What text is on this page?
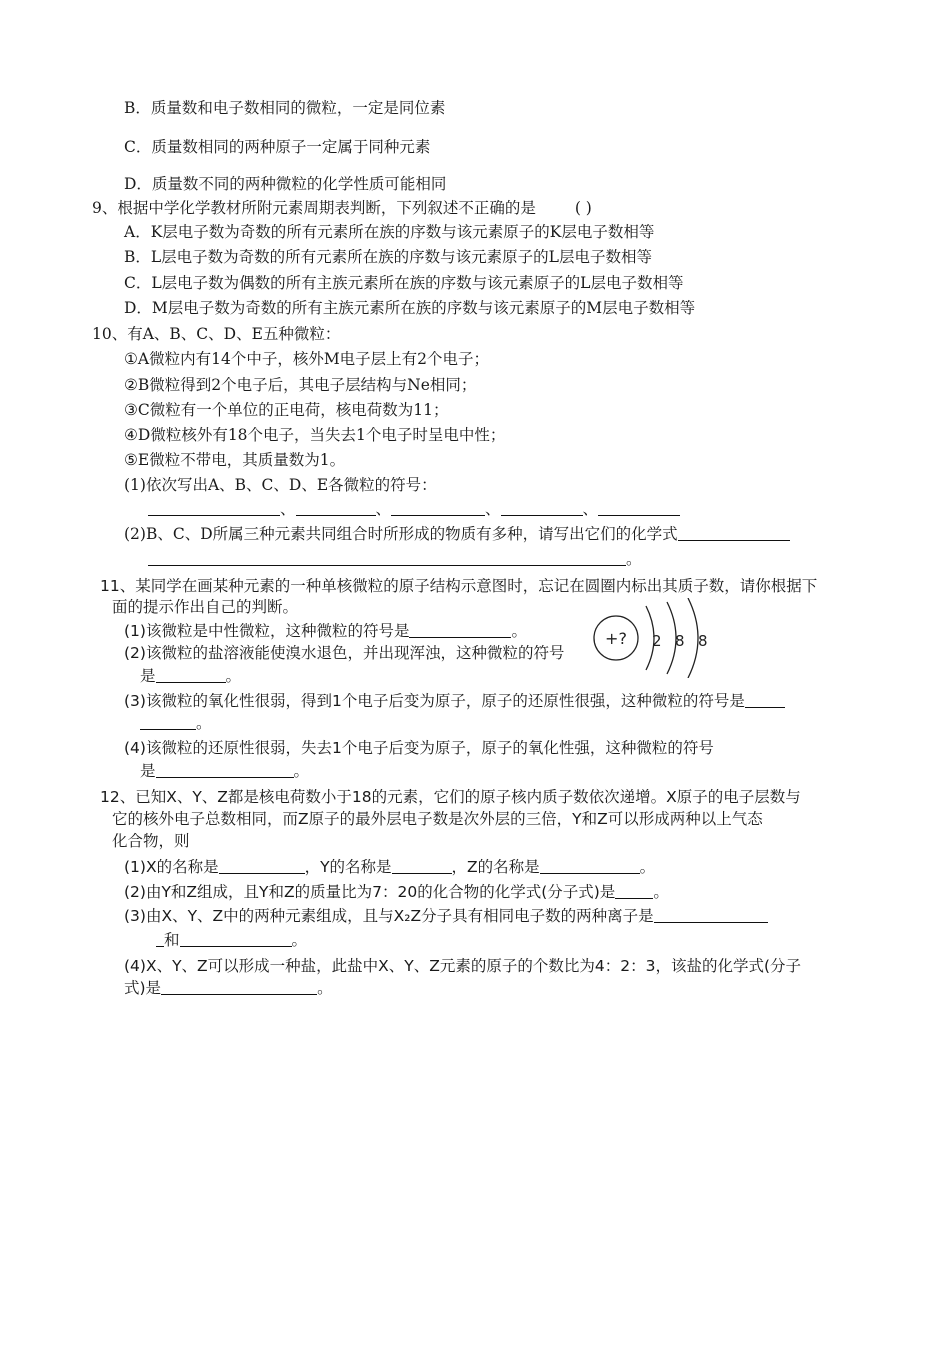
B．质量数和电子数相同的微粒，一定是同位素
C．质量数相同的两种原子一定属于同种元素
D．质量数不同的两种微粒的化学性质可能相同
9、根据中学化学教材所附元素周期表判断，下列叙述不正确的是	( )
A．K层电子数为奇数的所有元素所在族的序数与该元素原子的K层电子数相等
B．L层电子数为奇数的所有元素所在族的序数与该元素原子的L层电子数相等
C．L层电子数为偶数的所有主族元素所在族的序数与该元素原子的L层电子数相等
D．M层电子数为奇数的所有主族元素所在族的序数与该元素原子的M层电子数相等
10、有A、B、C、D、E五种微粒：
①A微粒内有14个中子，核外M电子层上有2个电子；
②B微粒得到2个电子后，其电子层结构与Ne相同；
③C微粒有一个单位的正电荷，核电荷数为11；
④D微粒核外有18个电子，当失去1个电子时呈电中性；
⑤E微粒不带电，其质量数为1。
(1)依次写出A、B、C、D、E各微粒的符号：
、	、	、	、
(2)B、C、D所属三种元素共同组合时所形成的物质有多种，请写出它们的化学式
。
11、某同学在画某种元素的一种单核微粒的原子结构示意图时，忘记在圆圈内标出其质子数，请你根据下
面的提示作出自己的判断。
(1)该微粒是中性微粒，这种微粒的符号是	。
(2)该微粒的盐溶液能使溴水退色，并出现浑浊，这种微粒的符号
是	。
(3)该微粒的氧化性很弱，得到1个电子后变为原子，原子的还原性很强，这种微粒的符号是
。
(4)该微粒的还原性很弱，失去1个电子后变为原子，原子的氧化性强，这种微粒的符号
是	。
+? 2 8 8
12、已知X、Y、Z都是核电荷数小于18的元素，它们的原子核内质子数依次递增。X原子的电子层数与
它的核外电子总数相同，而Z原子的最外层电子数是次外层的三倍，Y和Z可以形成两种以上气态
化合物，则
(1)X的名称是	，Y的名称是	，Z的名称是	。
(2)由Y和Z组成，且Y和Z的质量比为7：20的化合物的化学式(分子式)是 。
(3)由X、Y、Z中的两种元素组成，且与X₂Z分子具有相同电子数的两种离子是
和	。
(4)X、Y、Z可以形成一种盐，此盐中X、Y、Z元素的原子的个数比为4：2：3，该盐的化学式(分子
式)是	。
